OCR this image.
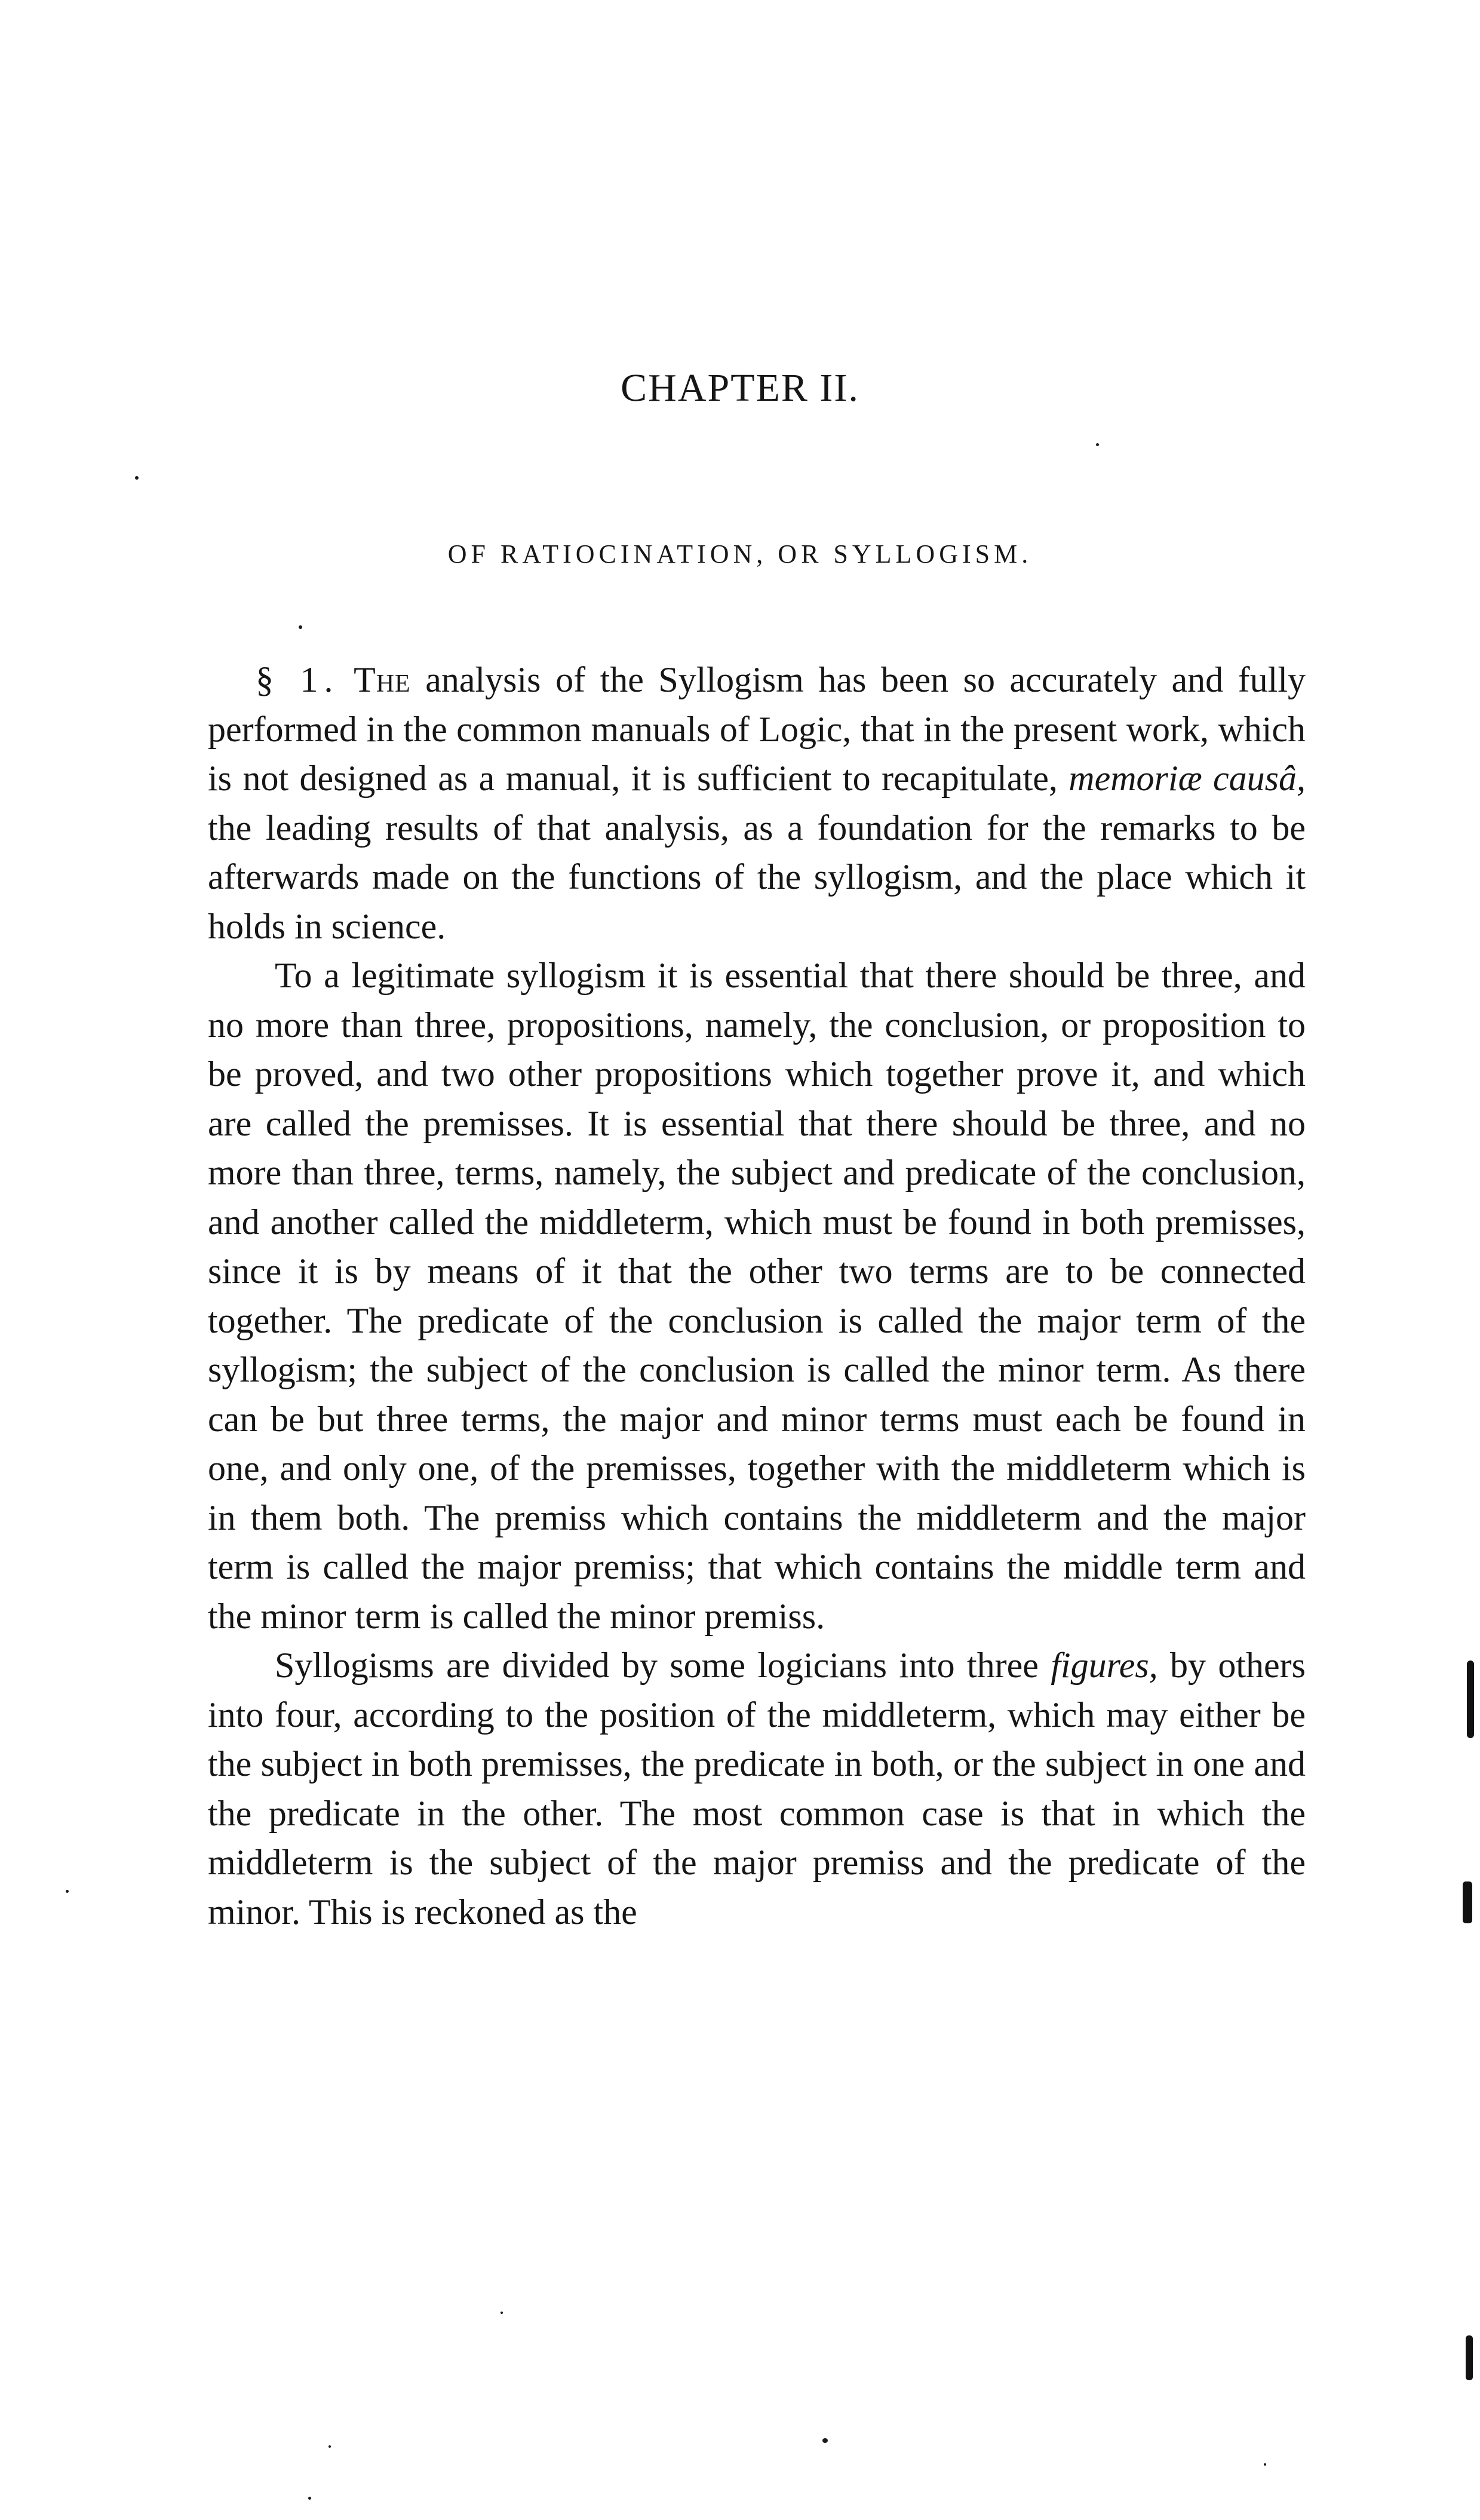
CHAPTER II.
OF RATIOCINATION, OR SYLLOGISM.

§ 1. The analysis of the Syllogism has been so accurately and fully performed in the common manuals of Logic, that in the present work, which is not designed as a manual, it is sufficient to recapitulate, memoriæ causâ, the leading results of that analysis, as a foundation for the remarks to be afterwards made on the functions of the syllogism, and the place which it holds in science.

To a legitimate syllogism it is essential that there should be three, and no more than three, propositions, namely, the conclusion, or proposition to be proved, and two other propositions which together prove it, and which are called the premisses. It is essential that there should be three, and no more than three, terms, namely, the subject and predicate of the conclusion, and another called the middleterm, which must be found in both premisses, since it is by means of it that the other two terms are to be connected together. The predicate of the conclusion is called the major term of the syllogism; the subject of the conclusion is called the minor term. As there can be but three terms, the major and minor terms must each be found in one, and only one, of the premisses, together with the middleterm which is in them both. The premiss which contains the middleterm and the major term is called the major premiss; that which contains the middle term and the minor term is called the minor premiss.

Syllogisms are divided by some logicians into three figures, by others into four, according to the position of the middleterm, which may either be the subject in both premisses, the predicate in both, or the subject in one and the predicate in the other. The most common case is that in which the middleterm is the subject of the major premiss and the predicate of the minor. This is reckoned as the
